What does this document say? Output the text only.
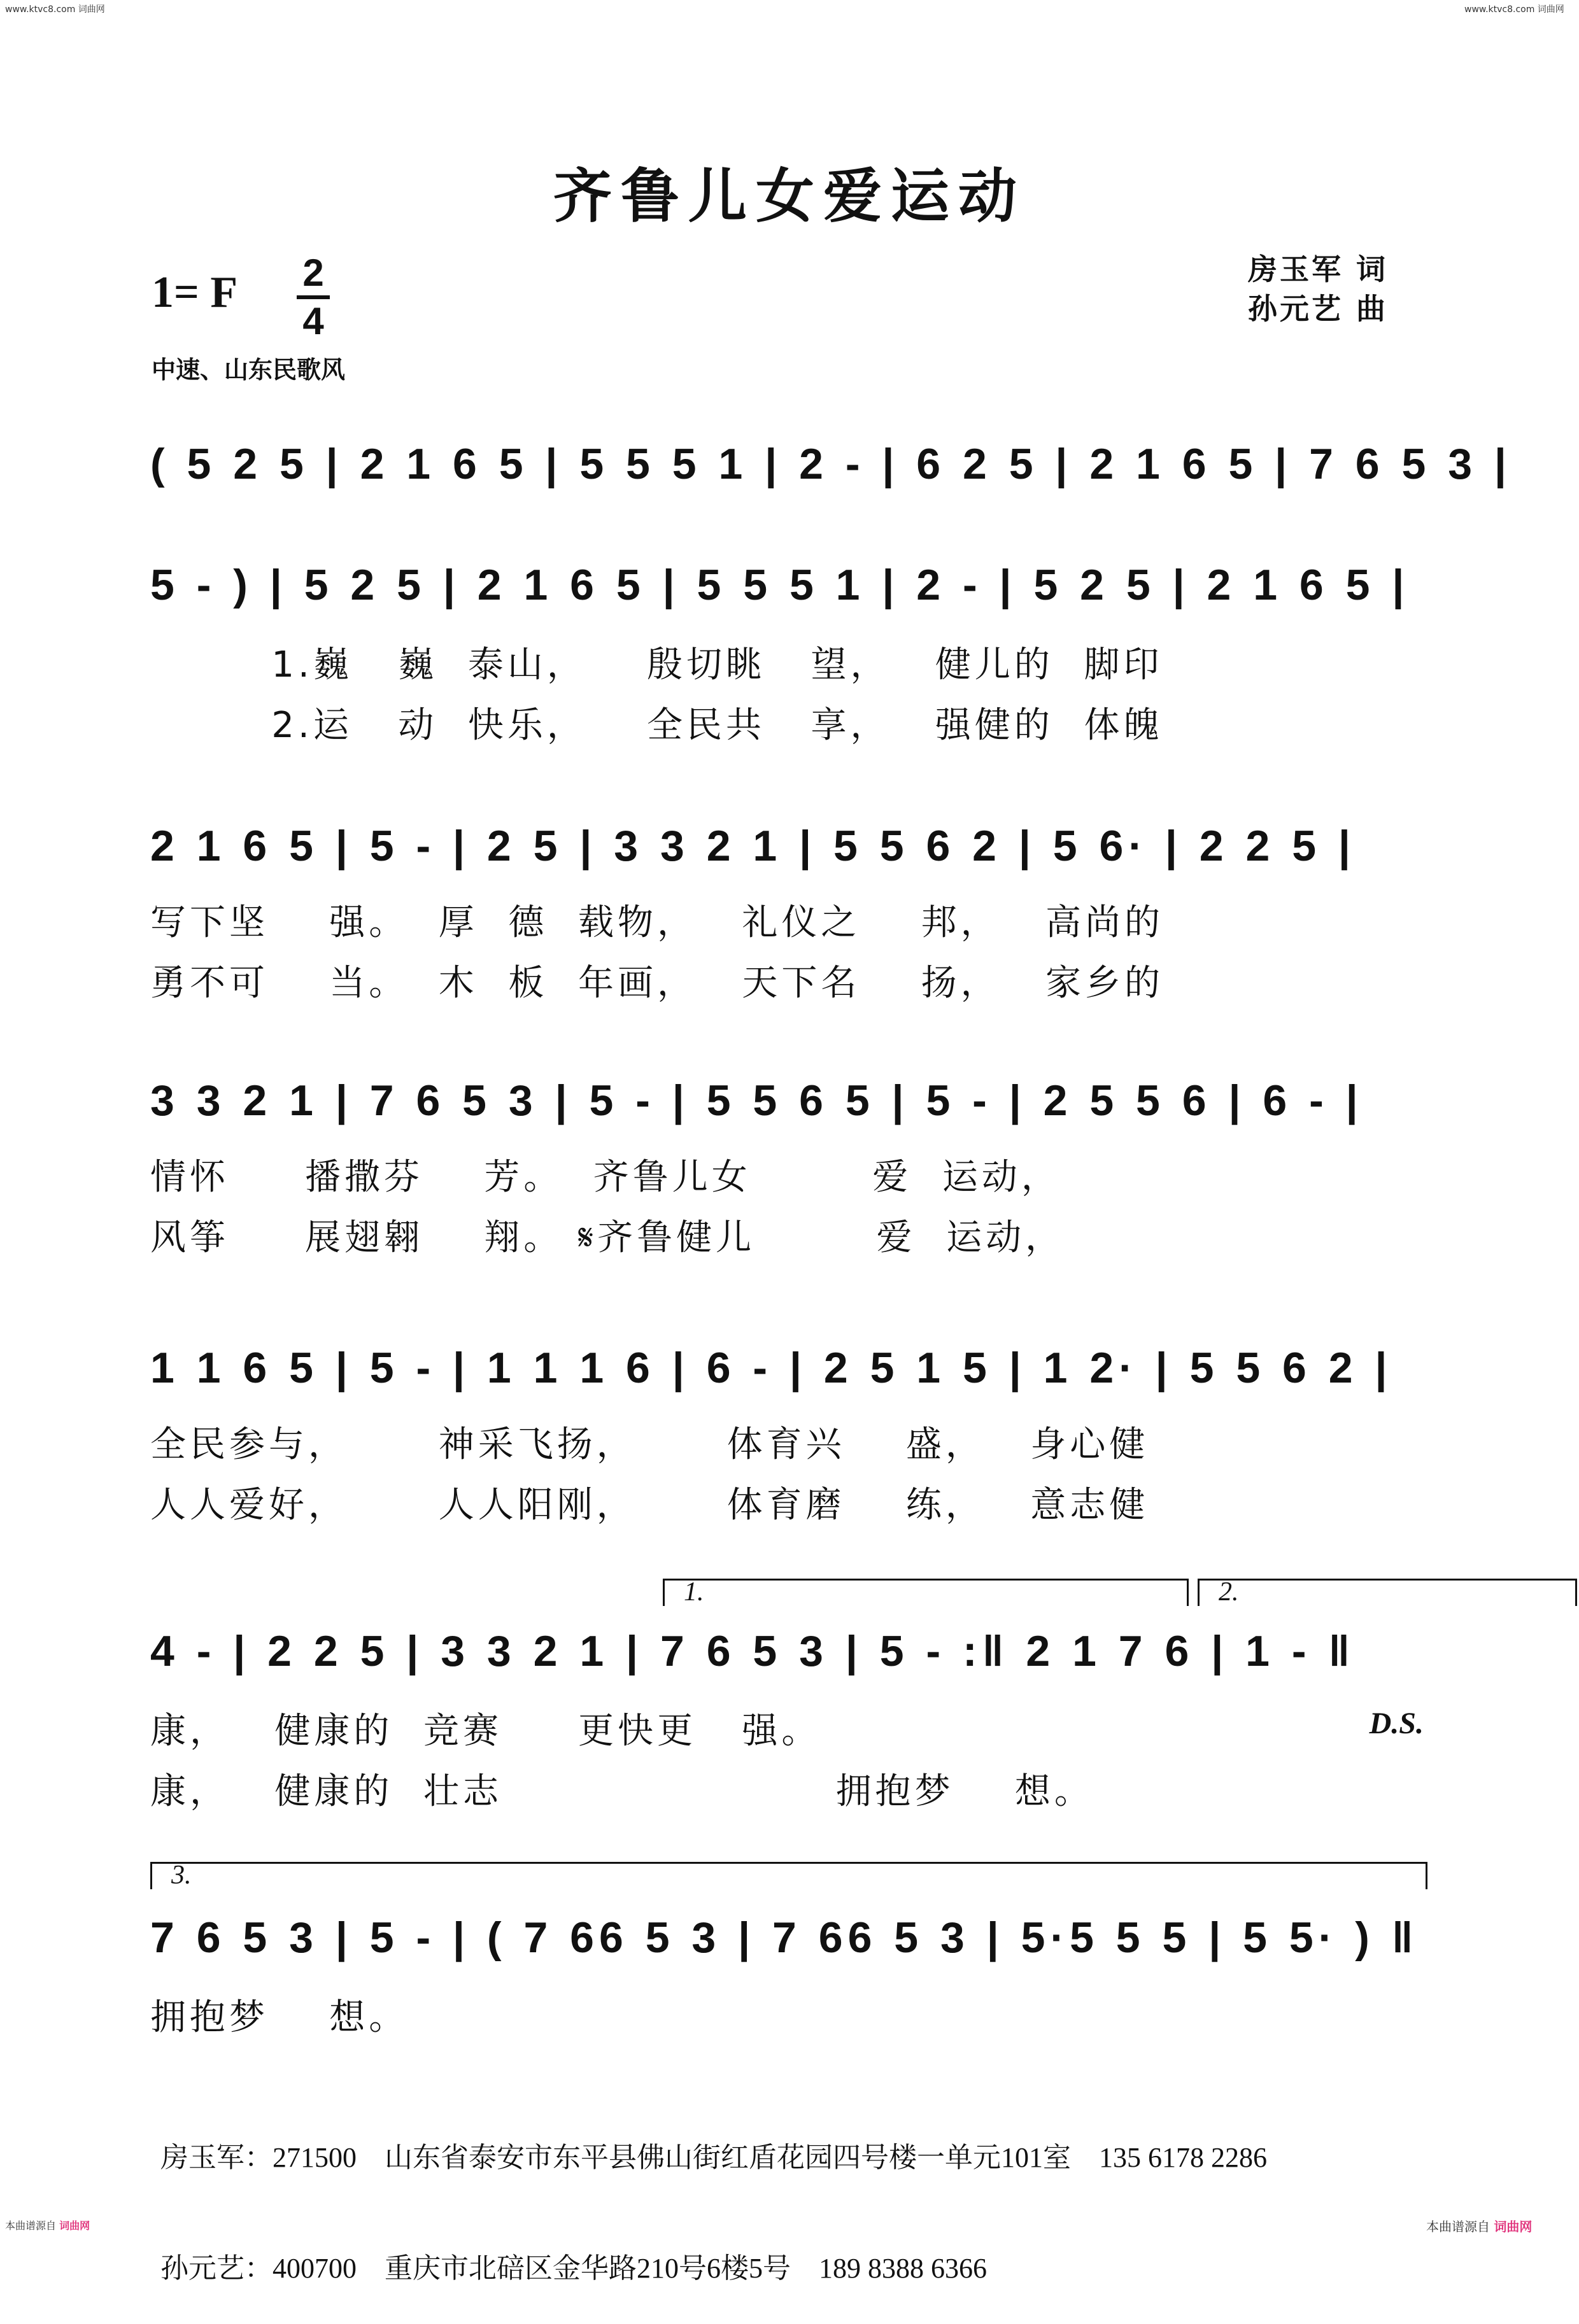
www.ktvc8.com 词曲网	www.ktvc8.com 词曲网
齐鲁儿女爱运动
1= F 2
4
房玉军 词
孙元艺 曲
中速、山东民歌风
( 5 2 5 | 2 1 6 5 | 5 5 5 1 | 2 - | 6 2 5 | 2 1 6 5 | 7 6 5 3 |
5 - ) | 5 2 5 | 2 1 6 5 | 5 5 5 1 | 2 - | 5 2 5 | 2 1 6 5 |
1.巍   巍  泰山，    殷切眺   望，   健儿的  脚印
2.运   动  快乐，    全民共   享，   强健的  体魄
2 1 6 5 | 5 - | 2 5 | 3 3 2 1 | 5 5 6 2 | 5 6· | 2 2 5 |
写下坚    强。  厚  德  载物，   礼仪之    邦，   高尚的
勇不可    当。  木  板  年画，   天下名    扬，   家乡的
3 3 2 1 | 7 6 5 3 | 5 - | 5 5 6 5 | 5 - | 2 5 5 6 | 6 - |
情怀     播撒芬    芳。  齐鲁儿女        爱  运动，
风筝     展翅翱    翔。 𝄋齐鲁健儿        爱  运动，
1 1 6 5 | 5 - | 1 1 1 6 | 6 - | 2 5 1 5 | 1 2· | 5 5 6 2 |
全民参与，      神采飞扬，      体育兴    盛，   身心健
人人爱好，      人人阳刚，      体育磨    练，   意志健
1.	2.
4 - | 2 2 5 | 3 3 2 1 | 7 6 5 3 | 5 - :‖ 2 1 7 6 | 1 - ‖
康，   健康的  竞赛     更快更   强。	D.S.
康，   健康的  壮志                      拥抱梦    想。
3.
7 6 5 3 | 5 - | ( 7 66 5 3 | 7 66 5 3 | 5·5 5 5 | 5 5· ) ‖
拥抱梦    想。

房玉军：271500    山东省泰安市东平县佛山街红盾花园四号楼一单元101室    135 6178 2286

孙元艺：400700    重庆市北碚区金华路210号6楼5号    189 8388 6366

本曲谱源自 词曲网	本曲谱源自 词曲网
